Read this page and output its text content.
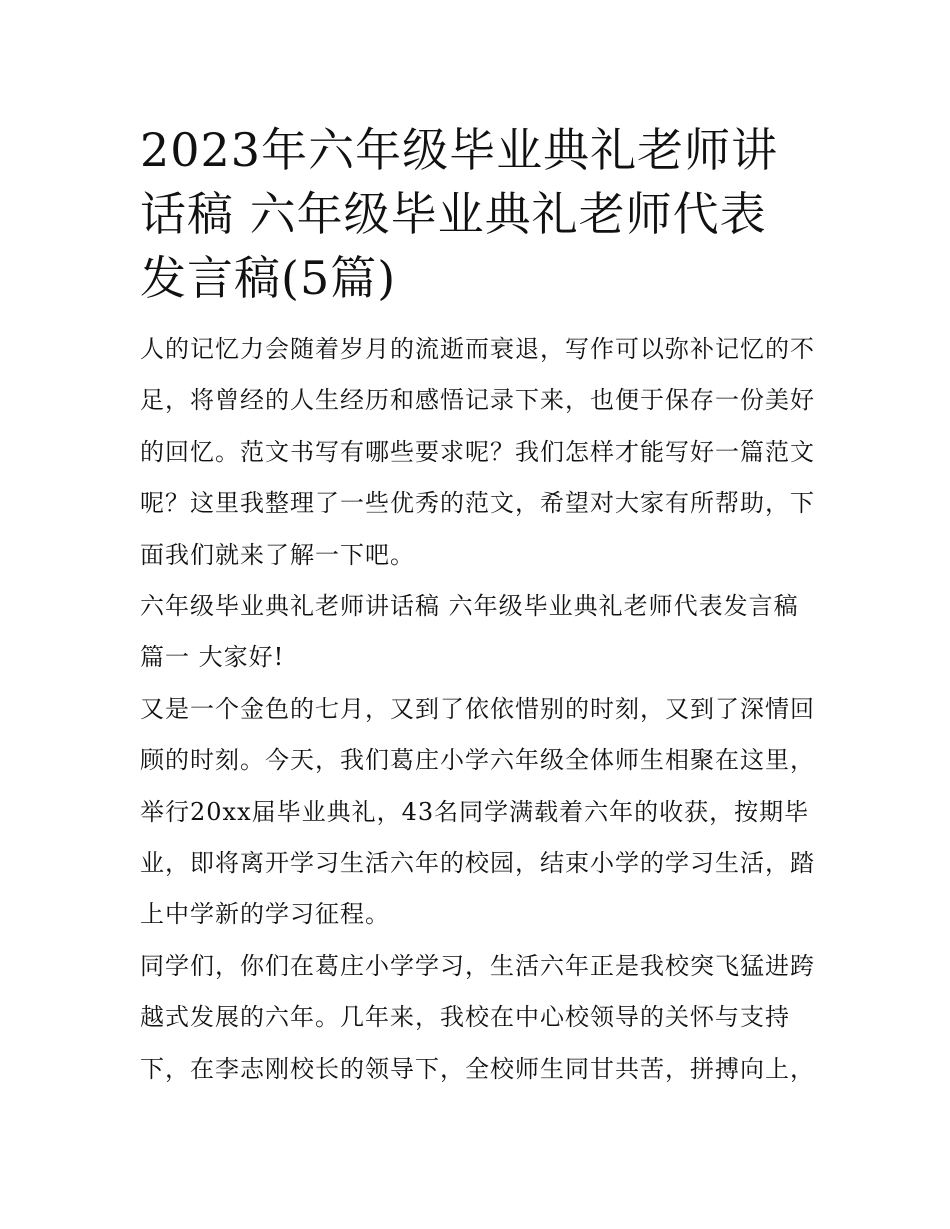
2023年六年级毕业典礼老师讲
话稿 六年级毕业典礼老师代表
发言稿(5篇)

人的记忆力会随着岁月的流逝而衰退，写作可以弥补记忆的不
足，将曾经的人生经历和感悟记录下来，也便于保存一份美好
的回忆。范文书写有哪些要求呢？我们怎样才能写好一篇范文
呢？这里我整理了一些优秀的范文，希望对大家有所帮助，下
面我们就来了解一下吧。

六年级毕业典礼老师讲话稿 六年级毕业典礼老师代表发言稿

篇一 大家好!

又是一个金色的七月，又到了依依惜别的时刻，又到了深情回
顾的时刻。今天，我们葛庄小学六年级全体师生相聚在这里，
举行20xx届毕业典礼，43名同学满载着六年的收获，按期毕
业，即将离开学习生活六年的校园，结束小学的学习生活，踏
上中学新的学习征程。

同学们，你们在葛庄小学学习，生活六年正是我校突飞猛进跨
越式发展的六年。几年来，我校在中心校领导的关怀与支持
下，在李志刚校长的领导下，全校师生同甘共苦，拼搏向上，
